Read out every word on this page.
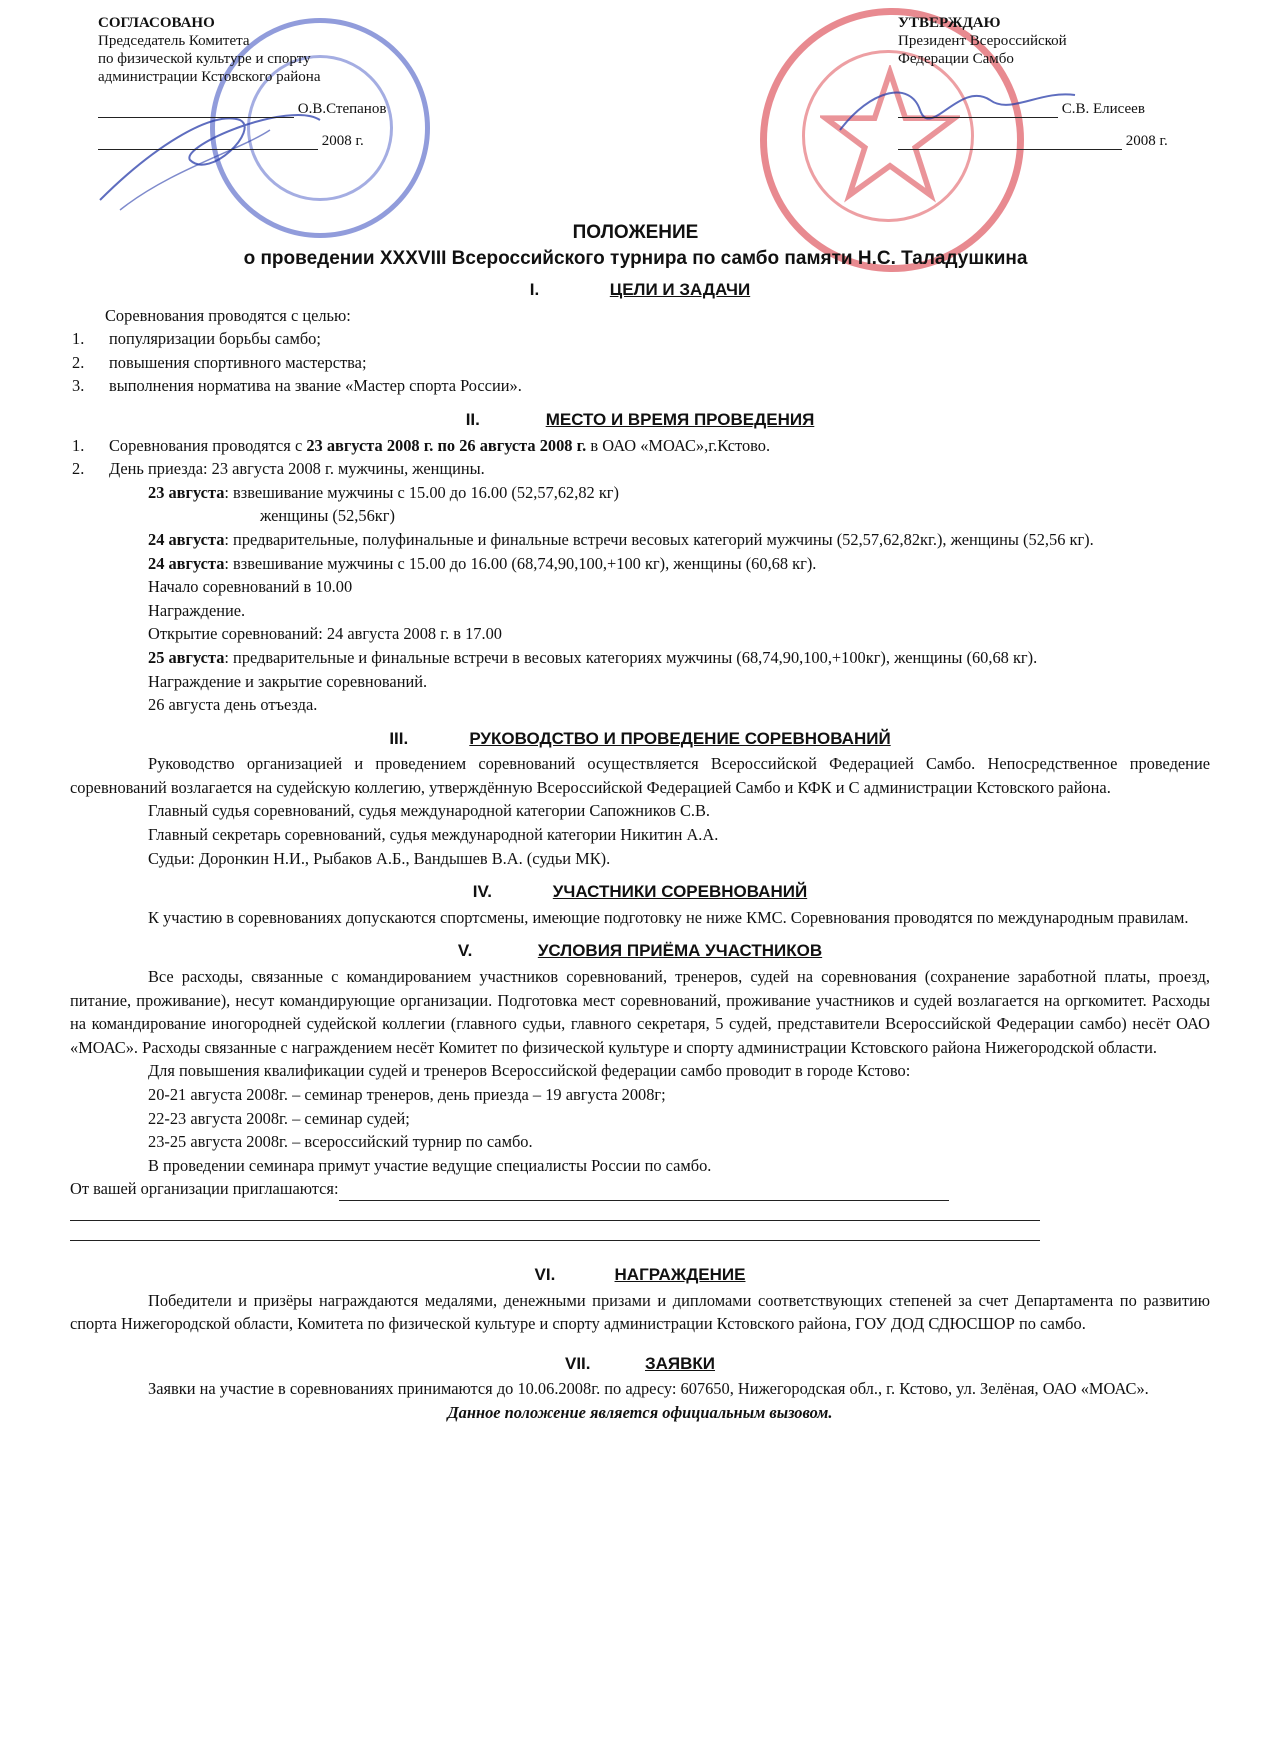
СОГЛАСОВАНО
Председатель Комитета
по физической культуре и спорту
администрации Кстовского района
О.В.Степанов
2008 г.
УТВЕРЖДАЮ
Президент Всероссийской
Федерации Самбо
С.В. Елисеев
2008 г.
ПОЛОЖЕНИЕ
о проведении XXXVIII Всероссийского турнира по самбо памяти Н.С. Таладушкина
I.	ЦЕЛИ И ЗАДАЧИ

Соревнования проводятся с целью:

1.	популяризации борьбы самбо;
2.	повышения спортивного мастерства;
3.	выполнения норматива на звание «Мастер спорта России».
II.	МЕСТО И ВРЕМЯ ПРОВЕДЕНИЯ
1.	Соревнования проводятся с 23 августа 2008 г. по 26 августа 2008 г. в ОАО «МОАС»,г.Кстово.
2.	День приезда: 23 августа 2008 г. мужчины, женщины.

23 августа: взвешивание мужчины с 15.00 до 16.00 (52,57,62,82 кг)

женщины (52,56кг)

24 августа: предварительные, полуфинальные и финальные встречи весовых категорий мужчины (52,57,62,82кг.), женщины (52,56 кг).

24 августа: взвешивание мужчины с 15.00 до 16.00 (68,74,90,100,+100 кг), женщины (60,68 кг).

Начало соревнований в 10.00

Награждение.

Открытие соревнований: 24 августа 2008 г. в 17.00

25 августа: предварительные и финальные встречи в весовых категориях мужчины (68,74,90,100,+100кг), женщины (60,68 кг).

Награждение и закрытие соревнований.

26 августа день отъезда.

III.	РУКОВОДСТВО И ПРОВЕДЕНИЕ СОРЕВНОВАНИЙ

Руководство организацией и проведением соревнований осуществляется Всероссийской Федерацией Самбо. Непосредственное проведение соревнований возлагается на судейскую коллегию, утверждённую Всероссийской Федерацией Самбо и КФК и С администрации Кстовского района.

Главный судья соревнований, судья международной категории Сапожников С.В.

Главный секретарь соревнований, судья международной категории Никитин А.А.

Судьи: Доронкин Н.И., Рыбаков А.Б., Вандышев В.А. (судьи МК).

IV.	УЧАСТНИКИ СОРЕВНОВАНИЙ

К участию в соревнованиях допускаются спортсмены, имеющие подготовку не ниже КМС. Соревнования проводятся по международным правилам.

V.	УСЛОВИЯ ПРИЁМА УЧАСТНИКОВ

Все расходы, связанные с командированием участников соревнований, тренеров, судей на соревнования (сохранение заработной платы, проезд, питание, проживание), несут командирующие организации. Подготовка мест соревнований, проживание участников и судей возлагается на оргкомитет. Расходы на командирование иногородней судейской коллегии (главного судьи, главного секретаря, 5 судей, представители Всероссийской Федерации самбо) несёт ОАО «МОАС». Расходы связанные с награждением несёт Комитет по физической культуре и спорту администрации Кстовского района Нижегородской области.

Для повышения квалификации судей и тренеров Всероссийской федерации самбо проводит в городе Кстово:

20-21 августа 2008г. – семинар тренеров, день приезда – 19 августа 2008г;

22-23 августа 2008г. – семинар судей;

23-25 августа 2008г. – всероссийский турнир по самбо.

В проведении семинара примут участие ведущие специалисты России по самбо.

От вашей организации приглашаются:

VI.	НАГРАЖДЕНИЕ

Победители и призёры награждаются медалями, денежными призами и дипломами соответствующих степеней за счет Департамента по развитию спорта Нижегородской области, Комитета по физической культуре и спорту администрации Кстовского района, ГОУ ДОД СДЮСШОР по самбо.

VII.	ЗАЯВКИ

Заявки на участие в соревнованиях принимаются до 10.06.2008г. по адресу: 607650, Нижегородская обл., г. Кстово, ул. Зелёная, ОАО «МОАС».

Данное положение является официальным вызовом.
